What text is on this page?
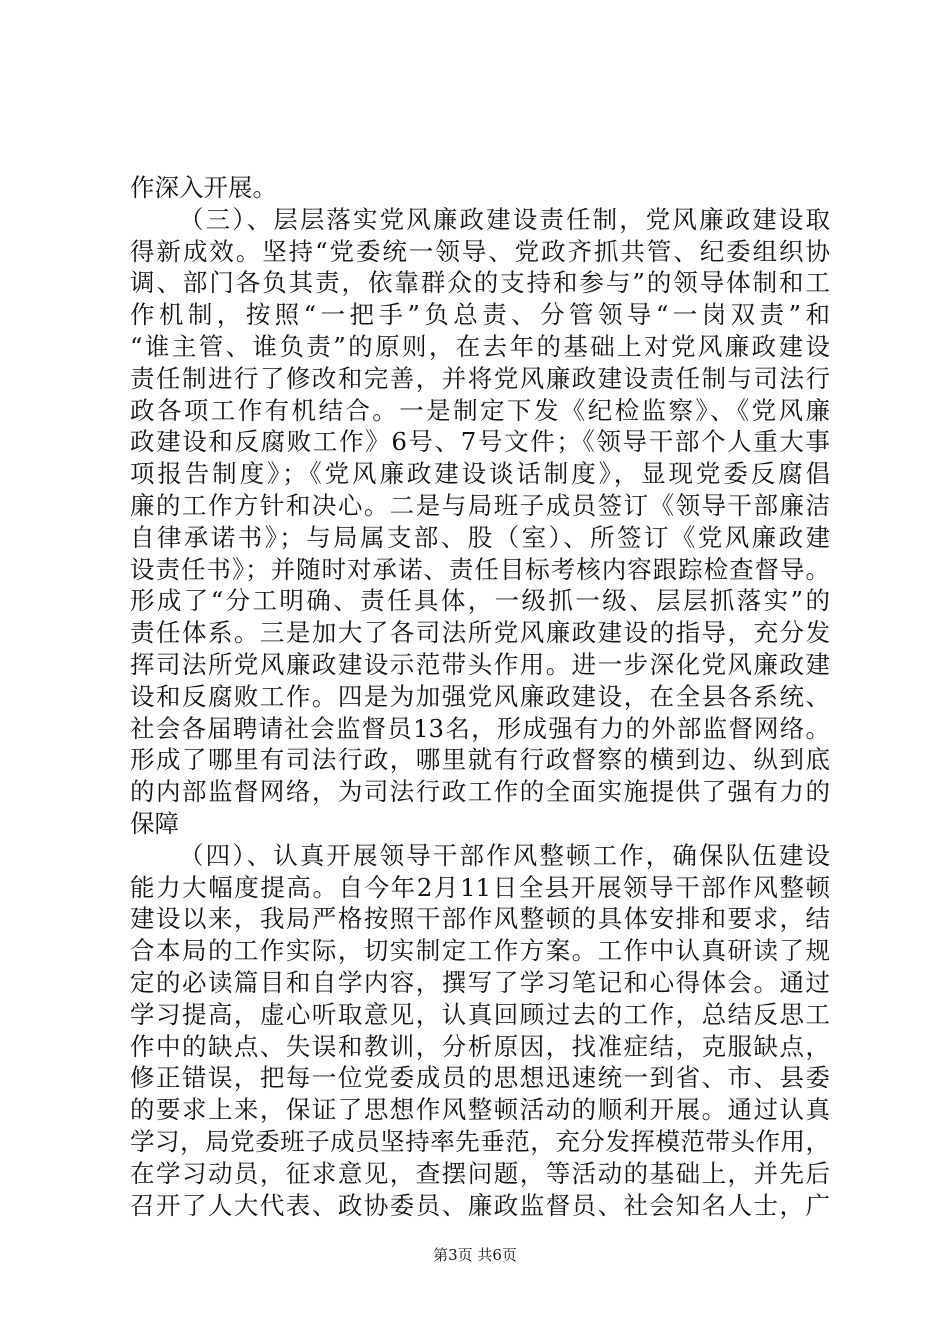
作深入开展。
（三）、层层落实党风廉政建设责任制，党风廉政建设取
得新成效。坚持“党委统一领导、党政齐抓共管、纪委组织协
调、部门各负其责，依靠群众的支持和参与”的领导体制和工
作机制，按照“一把手”负总责、分管领导“一岗双责”和
“谁主管、谁负责”的原则，在去年的基础上对党风廉政建设
责任制进行了修改和完善，并将党风廉政建设责任制与司法行
政各项工作有机结合。一是制定下发《纪检监察》、《党风廉
政建设和反腐败工作》6号、7号文件；《领导干部个人重大事
项报告制度》；《党风廉政建设谈话制度》，显现党委反腐倡
廉的工作方针和决心。二是与局班子成员签订《领导干部廉洁
自律承诺书》；与局属支部、股（室）、所签订《党风廉政建
设责任书》；并随时对承诺、责任目标考核内容跟踪检查督导。
形成了“分工明确、责任具体，一级抓一级、层层抓落实”的
责任体系。三是加大了各司法所党风廉政建设的指导，充分发
挥司法所党风廉政建设示范带头作用。进一步深化党风廉政建
设和反腐败工作。四是为加强党风廉政建设，在全县各系统、
社会各届聘请社会监督员13名，形成强有力的外部监督网络。
形成了哪里有司法行政，哪里就有行政督察的横到边、纵到底
的内部监督网络，为司法行政工作的全面实施提供了强有力的
保障
（四）、认真开展领导干部作风整顿工作，确保队伍建设
能力大幅度提高。自今年2月11日全县开展领导干部作风整顿
建设以来，我局严格按照干部作风整顿的具体安排和要求，结
合本局的工作实际，切实制定工作方案。工作中认真研读了规
定的必读篇目和自学内容，撰写了学习笔记和心得体会。通过
学习提高，虚心听取意见，认真回顾过去的工作，总结反思工
作中的缺点、失误和教训，分析原因，找准症结，克服缺点，
修正错误，把每一位党委成员的思想迅速统一到省、市、县委
的要求上来，保证了思想作风整顿活动的顺利开展。通过认真
学习，局党委班子成员坚持率先垂范，充分发挥模范带头作用，
在学习动员，征求意见，查摆问题，等活动的基础上，并先后
召开了人大代表、政协委员、廉政监督员、社会知名人士，广
第3页 共6页
